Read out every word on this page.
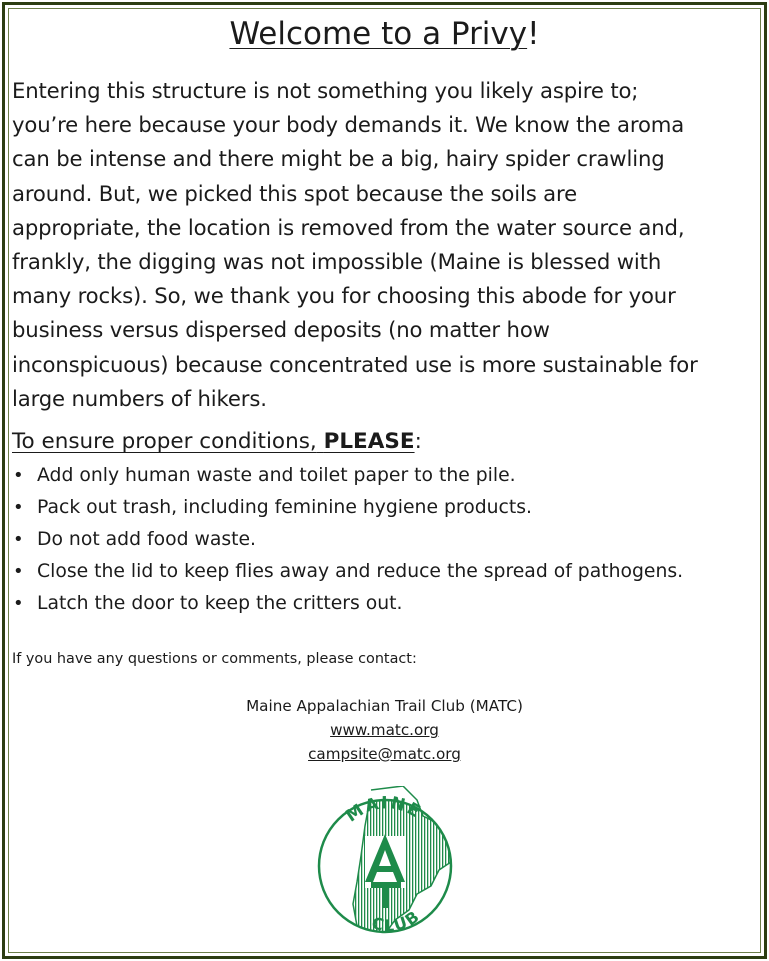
Welcome to a Privy!

Entering this structure is not something you likely aspire to;
you’re here because your body demands it. We know the aroma
can be intense and there might be a big, hairy spider crawling
around. But, we picked this spot because the soils are
appropriate, the location is removed from the water source and,
frankly, the digging was not impossible (Maine is blessed with
many rocks). So, we thank you for choosing this abode for your
business versus dispersed deposits (no matter how
inconspicuous) because concentrated use is more sustainable for
large numbers of hikers.

To ensure proper conditions, PLEASE:
• Add only human waste and toilet paper to the pile.
• Pack out trash, including feminine hygiene products.
• Do not add food waste.
• Close the lid to keep flies away and reduce the spread of pathogens.
• Latch the door to keep the critters out.
If you have any questions or comments, please contact:
Maine Appalachian Trail Club (MATC)
www.matc.org
campsite@matc.org
MAINE
CLUB
